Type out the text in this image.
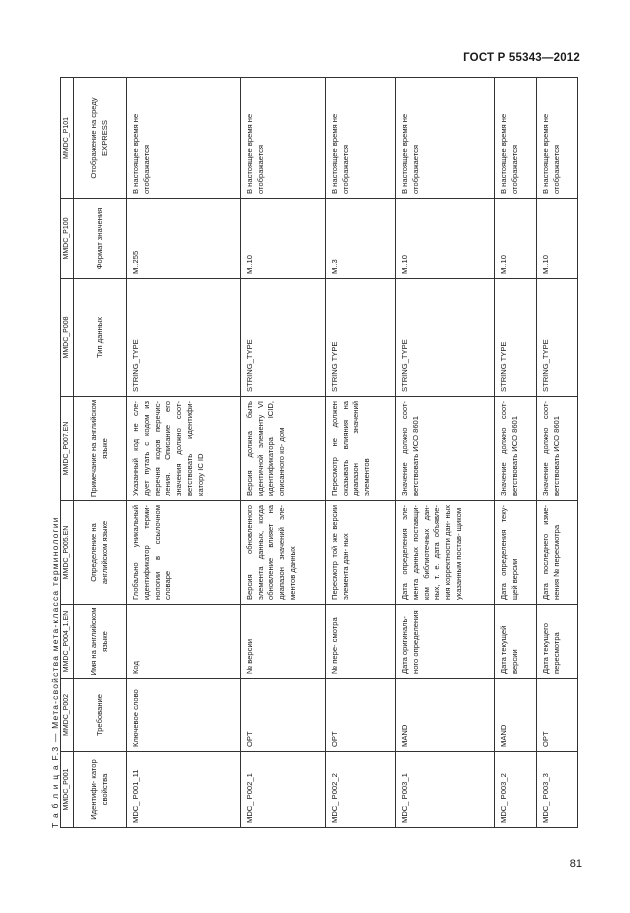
ГОСТ Р 55343—2012
Т а б л и ц а F.3 — Мета-свойства мета-класса терминологии MMDC_P001	MMDC_P002	MMDC_P004_1.EN	MMDC_P005.EN	MMDC_P007.EN	MMDC_P008	MMDC_P100	MMDC_P101
Идентифи- катор свойства	Требование	Имя на английском языке	Определение на английском языке	Примечание на английском языке	Тип данных	Формат значения	Отображение на среду EXPRESS
MDC_ P001_11	Ключевое слово	Код	Глобально уникальный идентификатор терми- нологии в ссылочном словаре	Указанный код не сле- дует путать с кодом из перечня кодов перечис- ления. Описание его значения должно соот- ветствовать идентифи- катору IC ID	STRING_TYPE	M..255	В настоящее время не отображается
MDC_ P002_1	OPT	№ версии	Версия обновленного элемента данных, когда обновление влияет на диапазон значений эле- ментов данных	Версия должна быть идентичной элементу VI идентификатора ICID, описанного ко- дом	STRING_TYPE	M..10	В настоящее время не отображается
MDC_ P002_2	OPT	№ пере- смотра	Пересмотр той же версии элемента дан- ных	Пересмотр не должен оказывать влияния на диапазон значений элементов	STRING TYPE	M..3	В настоящее время не отображается
MDC_ P003_1	MAND	Дата оригиналь- ного определения	Дата определения эле- мента данных поставщи- ком библиотечных дан- ных, т. е. дата объявле- ния корректности дан- ных указанным постав- щиком	Значение должно соот- ветствовать ИСО 8601	STRING_TYPE	M..10	В настоящее время не отображается
MDC_ P003_2	MAND	Дата текущей версии	Дата определения теку- щей версии	Значение должно соот- ветствовать ИСО 8601	STRING TYPE	M..10	В настоящее время не отображается
MDC_ P003_3	OPT	Дата текущего пересмотра	Дата последнего изме- нения № пересмотра	Значение должно соот- ветствовать ИСО 8601	STRING_TYPE	M..10	В настоящее время не отображается
81
